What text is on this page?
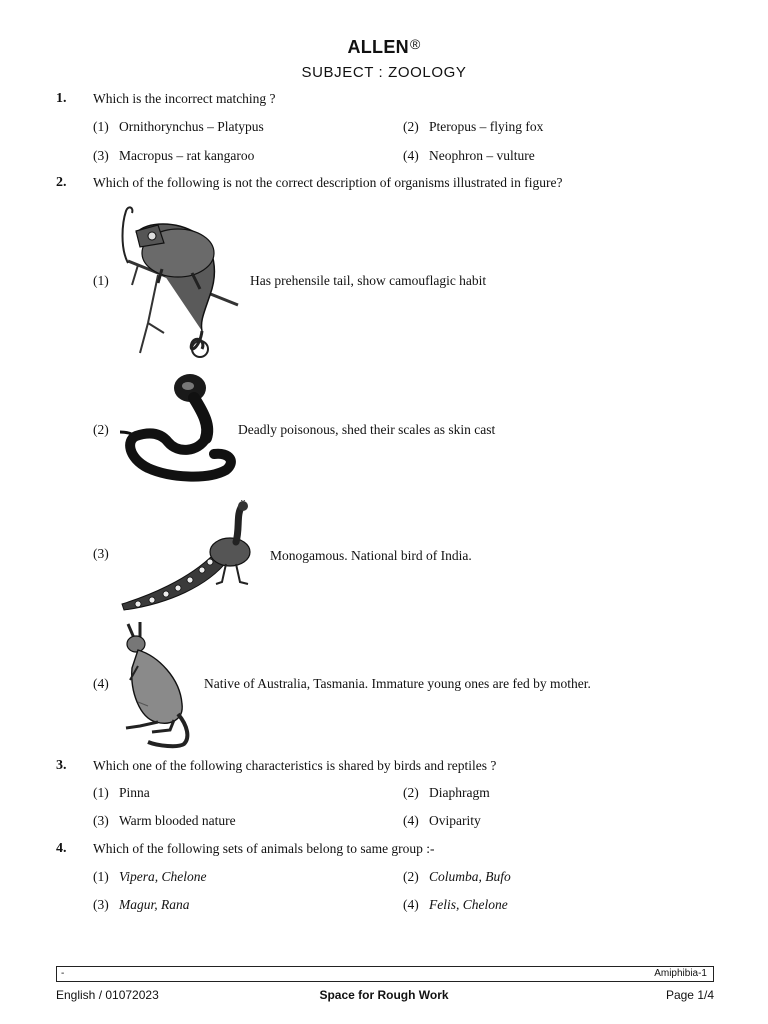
ALLEN®
SUBJECT : ZOOLOGY
1. Which is the incorrect matching ?
(1) Ornithorynchus – Platypus	(2) Pteropus – flying fox
(3) Macropus – rat kangaroo	(4) Neophron – vulture
2. Which of the following is not the correct description of organisms illustrated in figure?
(1)	Has prehensile tail, show camouflagic habit
(2)	Deadly poisonous, shed their scales as skin cast
(3)	Monogamous. National bird of India.
(4)	Native of Australia, Tasmania. Immature young ones are fed by mother.
3. Which one of the following characteristics is shared by birds and reptiles ?
(1) Pinna	(2) Diaphragm
(3) Warm blooded nature	(4) Oviparity
4. Which of the following sets of animals belong to same group :-
(1) Vipera, Chelone	(2) Columba, Bufo
(3) Magur, Rana	(4) Felis, Chelone
-	Amiphibia-1
English / 01072023	Space for Rough Work	Page 1/4
